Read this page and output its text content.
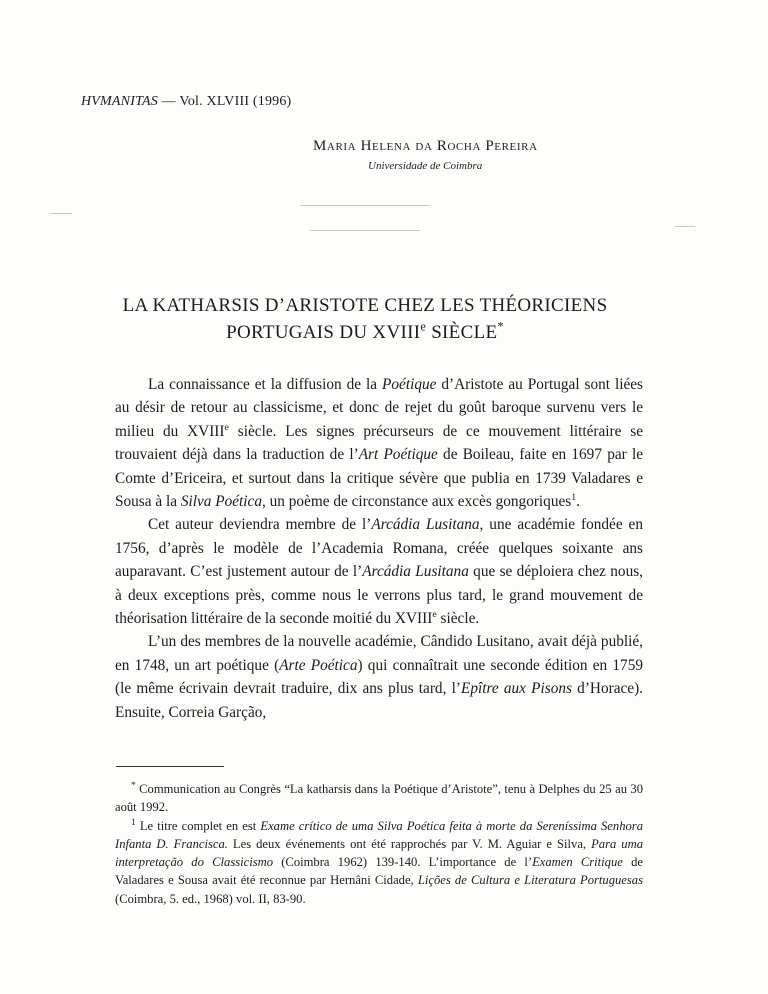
HVMANITAS — Vol. XLVIII (1996)
Maria Helena da Rocha Pereira
Universidade de Coimbra
LA KATHARSIS D’ARISTOTE CHEZ LES THÉORICIENS
PORTUGAIS DU XVIIIe SIÈCLE*

La connaissance et la diffusion de la Poétique d’Aristote au Portugal sont liées au désir de retour au classicisme, et donc de rejet du goût baroque survenu vers le milieu du XVIIIe siècle. Les signes précurseurs de ce mouvement littéraire se trouvaient déjà dans la traduction de l’Art Poétique de Boileau, faite en 1697 par le Comte d’Ericeira, et surtout dans la critique sévère que publia en 1739 Valadares e Sousa à la Silva Poética, un poème de circonstance aux excès gongoriques$^1$.

Cet auteur deviendra membre de l’Arcádia Lusitana, une académie fondée en 1756, d’après le modèle de l’Academia Romana, créée quelques soixante ans auparavant. C’est justement autour de l’Arcádia Lusitana que se déploiera chez nous, à deux exceptions près, comme nous le verrons plus tard, le grand mouvement de théorisation littéraire de la seconde moitié du XVIIIe siècle.

L’un des membres de la nouvelle académie, Cândido Lusitano, avait déjà publié, en 1748, un art poétique (Arte Poética) qui connaîtrait une seconde édition en 1759 (le même écrivain devrait traduire, dix ans plus tard, l’Epître aux Pisons d’Horace). Ensuite, Correia Garção,

* Communication au Congrès “La katharsis dans la Poétique d’Aristote”, tenu à Delphes du 25 au 30 août 1992.

$^1$ Le titre complet en est Exame crítico de uma Silva Poética feita à morte da Sereníssima Senhora Infanta D. Francisca. Les deux événements ont été rapprochés par V. M. Aguiar e Silva, Para uma interpretação do Classicismo (Coimbra 1962) 139-140. L’importance de l’Examen Critique de Valadares e Sousa avait été reconnue par Hernâni Cidade, Lições de Cultura e Literatura Portuguesas (Coimbra, 5. ed., 1968) vol. II, 83-90.
